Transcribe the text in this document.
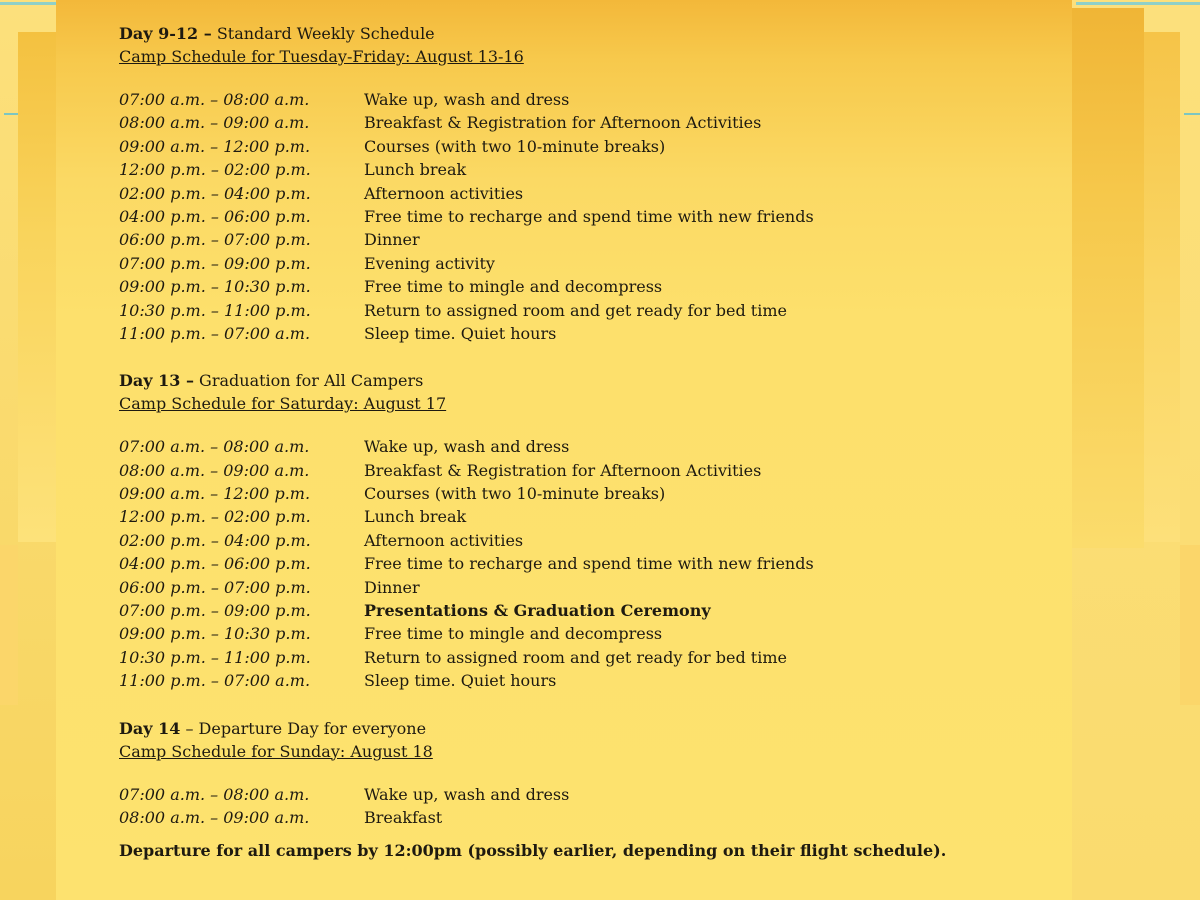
Day 9-12 – Standard Weekly Schedule
Camp Schedule for Tuesday-Friday: August 13-16
07:00 a.m. – 08:00 a.m.	Wake up, wash and dress
08:00 a.m. – 09:00 a.m.	Breakfast & Registration for Afternoon Activities
09:00 a.m. – 12:00 p.m.	Courses (with two 10-minute breaks)
12:00 p.m. – 02:00 p.m.	Lunch break
02:00 p.m. – 04:00 p.m.	Afternoon activities
04:00 p.m. – 06:00 p.m.	Free time to recharge and spend time with new friends
06:00 p.m. – 07:00 p.m.	Dinner
07:00 p.m. – 09:00 p.m.	Evening activity
09:00 p.m. – 10:30 p.m.	Free time to mingle and decompress
10:30 p.m. – 11:00 p.m.	Return to assigned room and get ready for bed time
11:00 p.m. – 07:00 a.m.	Sleep time. Quiet hours
Day 13 – Graduation for All Campers
Camp Schedule for Saturday: August 17
07:00 a.m. – 08:00 a.m.	Wake up, wash and dress
08:00 a.m. – 09:00 a.m.	Breakfast & Registration for Afternoon Activities
09:00 a.m. – 12:00 p.m.	Courses (with two 10-minute breaks)
12:00 p.m. – 02:00 p.m.	Lunch break
02:00 p.m. – 04:00 p.m.	Afternoon activities
04:00 p.m. – 06:00 p.m.	Free time to recharge and spend time with new friends
06:00 p.m. – 07:00 p.m.	Dinner
07:00 p.m. – 09:00 p.m.	Presentations & Graduation Ceremony
09:00 p.m. – 10:30 p.m.	Free time to mingle and decompress
10:30 p.m. – 11:00 p.m.	Return to assigned room and get ready for bed time
11:00 p.m. – 07:00 a.m.	Sleep time. Quiet hours
Day 14 – Departure Day for everyone
Camp Schedule for Sunday: August 18
07:00 a.m. – 08:00 a.m.	Wake up, wash and dress
08:00 a.m. – 09:00 a.m.	Breakfast
Departure for all campers by 12:00pm (possibly earlier, depending on their flight schedule).
